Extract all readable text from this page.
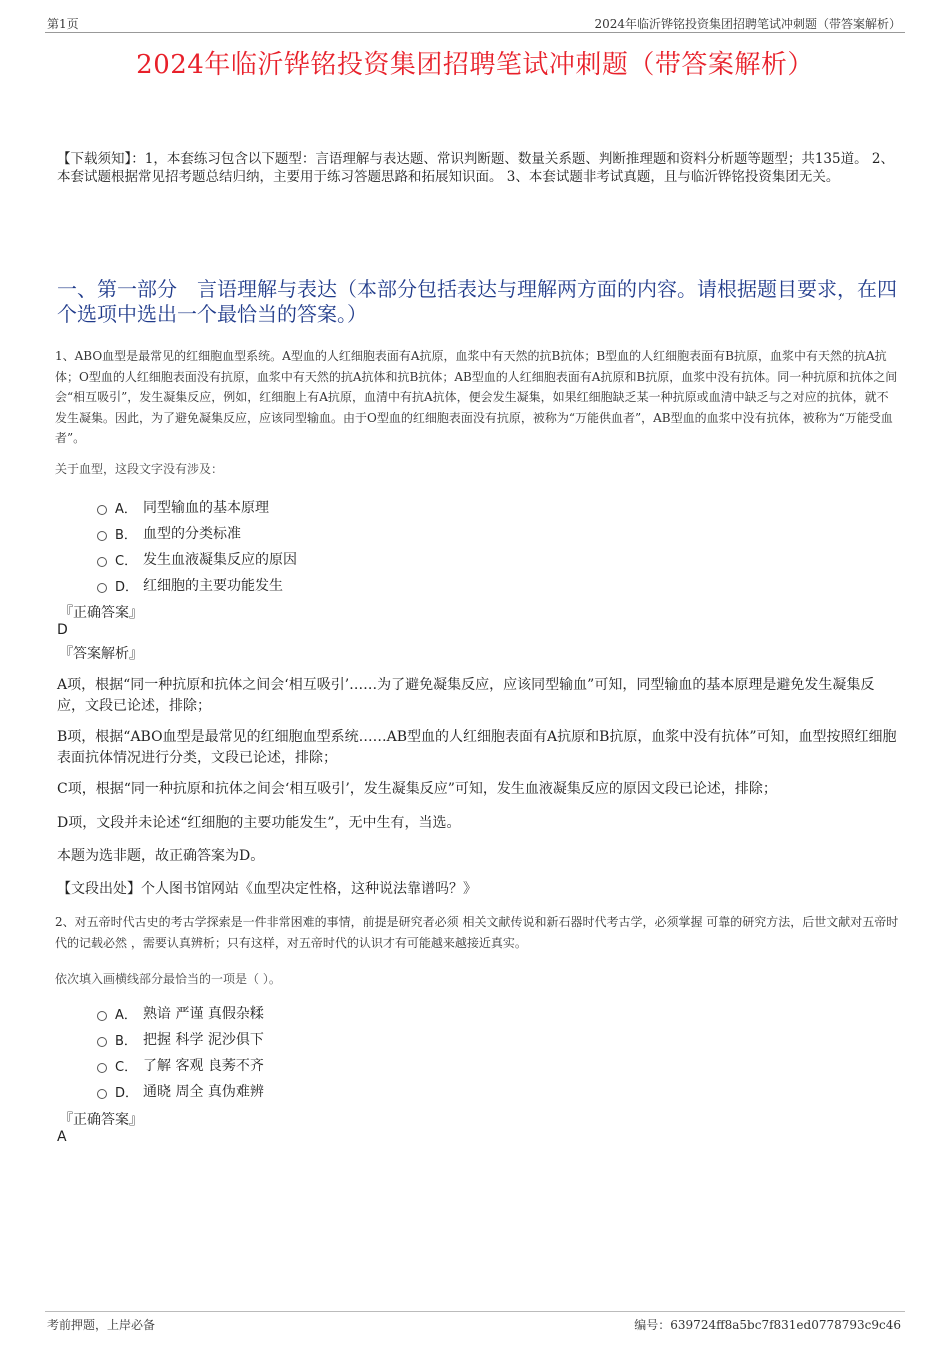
第1页	2024年临沂铧铭投资集团招聘笔试冲刺题（带答案解析）
2024年临沂铧铭投资集团招聘笔试冲刺题（带答案解析）
【下载须知】：1，本套练习包含以下题型：言语理解与表达题、常识判断题、数量关系题、判断推理题和资料分析题等题型；共135道。 2、本套试题根据常见招考题总结归纳，主要用于练习答题思路和拓展知识面。 3、本套试题非考试真题，且与临沂铧铭投资集团无关。
一、第一部分　言语理解与表达（本部分包括表达与理解两方面的内容。请根据题目要求，在四个选项中选出一个最恰当的答案。）
1、ABO血型是最常见的红细胞血型系统。A型血的人红细胞表面有A抗原，血浆中有天然的抗B抗体；B型血的人红细胞表面有B抗原，血浆中有天然的抗A抗体；O型血的人红细胞表面没有抗原，血浆中有天然的抗A抗体和抗B抗体；AB型血的人红细胞表面有A抗原和B抗原，血浆中没有抗体。同一种抗原和抗体之间会“相互吸引”，发生凝集反应，例如，红细胞上有A抗原，血清中有抗A抗体，便会发生凝集，如果红细胞缺乏某一种抗原或血清中缺乏与之对应的抗体，就不发生凝集。因此，为了避免凝集反应，应该同型输血。由于O型血的红细胞表面没有抗原，被称为“万能供血者”，AB型血的血浆中没有抗体，被称为“万能受血者”。
关于血型，这段文字没有涉及：
A． 同型输血的基本原理
B． 血型的分类标准
C． 发生血液凝集反应的原因
D． 红细胞的主要功能发生
『正确答案』
D
『答案解析』
A项，根据“同一种抗原和抗体之间会‘相互吸引’……为了避免凝集反应，应该同型输血”可知，同型输血的基本原理是避免发生凝集反应，文段已论述，排除；
B项，根据“ABO血型是最常见的红细胞血型系统……AB型血的人红细胞表面有A抗原和B抗原，血浆中没有抗体”可知，血型按照红细胞表面抗体情况进行分类，文段已论述，排除；
C项，根据“同一种抗原和抗体之间会‘相互吸引’，发生凝集反应”可知，发生血液凝集反应的原因文段已论述，排除；
D项，文段并未论述“红细胞的主要功能发生”，无中生有，当选。
本题为选非题，故正确答案为D。
【文段出处】个人图书馆网站《血型决定性格，这种说法靠谱吗？》
2、对五帝时代古史的考古学探索是一件非常困难的事情，前提是研究者必须 相关文献传说和新石器时代考古学，必须掌握 可靠的研究方法，后世文献对五帝时代的记载必然 ，需要认真辨析；只有这样，对五帝时代的认识才有可能越来越接近真实。
依次填入画横线部分最恰当的一项是（ ）。
A． 熟谙 严谨 真假杂糅
B． 把握 科学 泥沙俱下
C． 了解 客观 良莠不齐
D． 通晓 周全 真伪难辨
『正确答案』
A
考前押题，上岸必备	编号：639724ff8a5bc7f831ed0778793c9c46
